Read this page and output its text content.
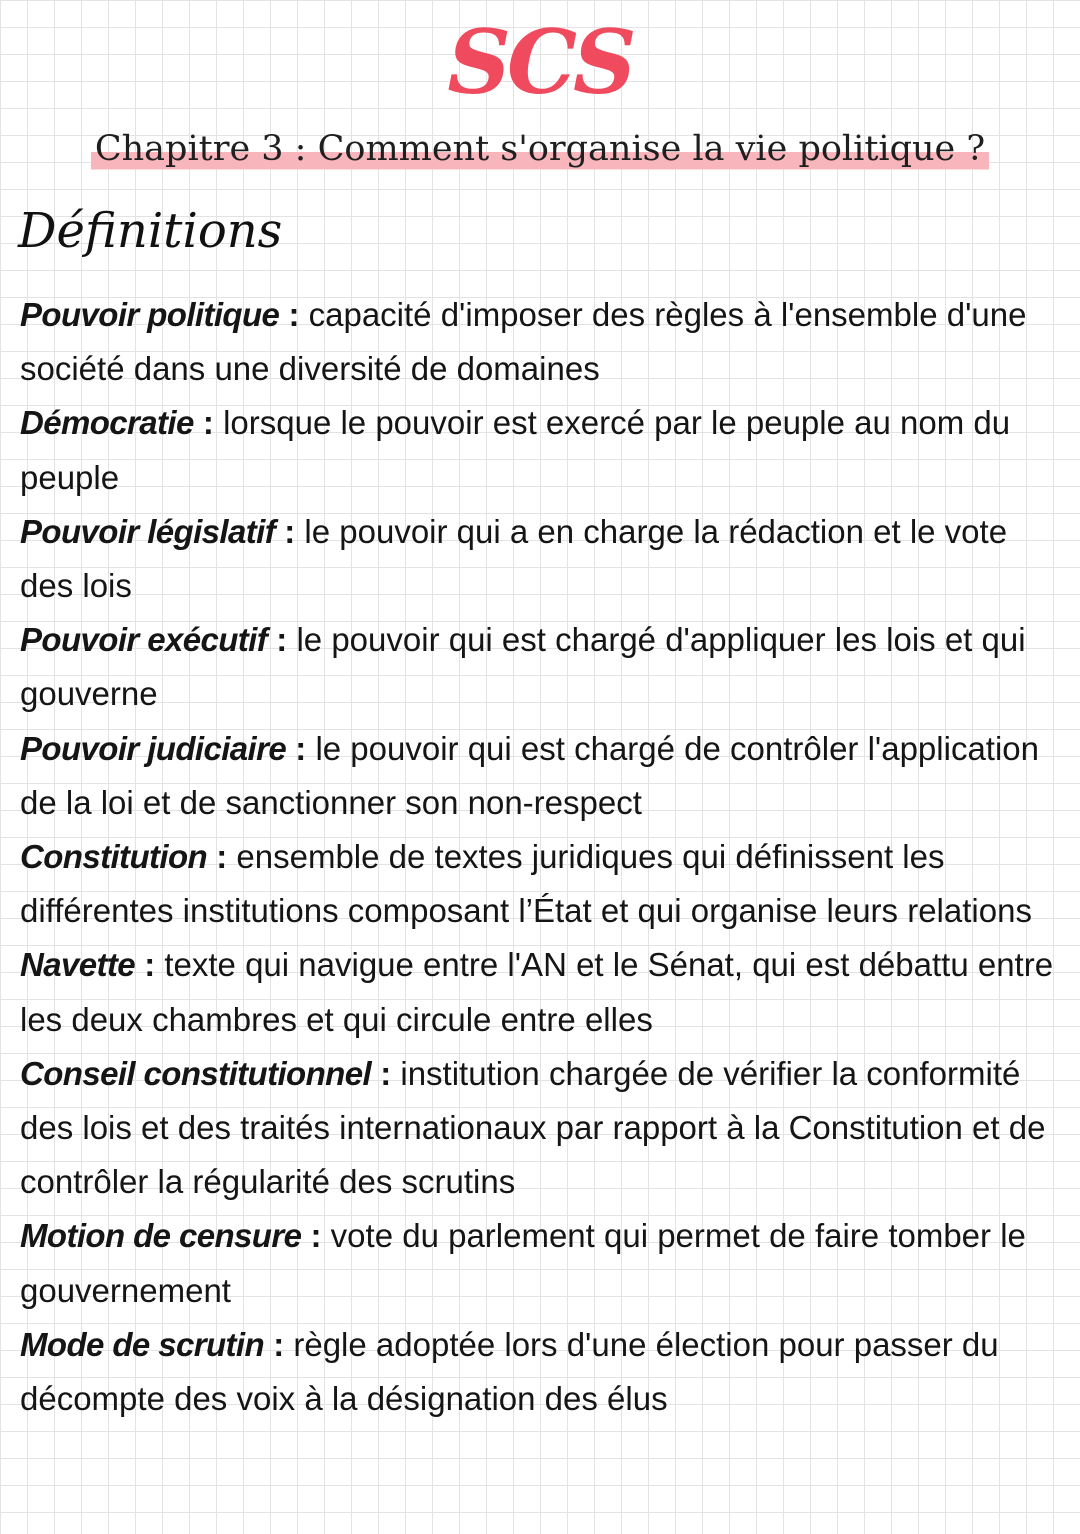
SCS
Chapitre 3 : Comment s'organise la vie politique ?
Définitions

Pouvoir politique : capacité d'imposer des règles à l'ensemble d'une société dans une diversité de domaines

Démocratie : lorsque le pouvoir est exercé par le peuple au nom du peuple

Pouvoir législatif : le pouvoir qui a en charge la rédaction et le vote des lois

Pouvoir exécutif : le pouvoir qui est chargé d'appliquer les lois et qui gouverne

Pouvoir judiciaire : le pouvoir qui est chargé de contrôler l'application de la loi et de sanctionner son non-respect

Constitution : ensemble de textes juridiques qui définissent les différentes institutions composant l’État et qui organise leurs relations

Navette : texte qui navigue entre l'AN et le Sénat, qui est débattu entre les deux chambres et qui circule entre elles

Conseil constitutionnel : institution chargée de vérifier la conformité des lois et des traités internationaux par rapport à la Constitution et de contrôler la régularité des scrutins

Motion de censure : vote du parlement qui permet de faire tomber le gouvernement

Mode de scrutin : règle adoptée lors d'une élection pour passer du décompte des voix à la désignation des élus
